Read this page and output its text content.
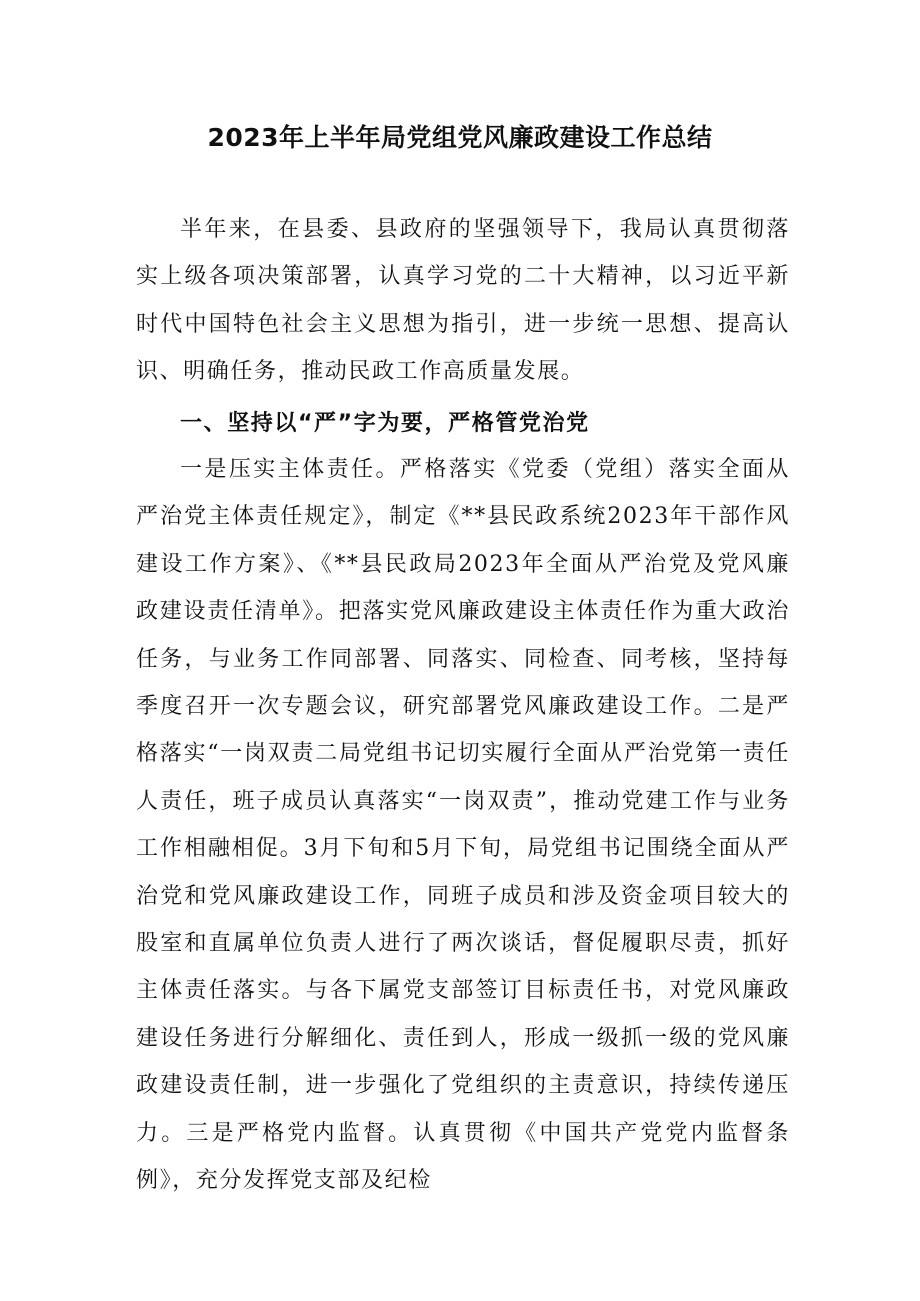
2023年上半年局党组党风廉政建设工作总结

半年来，在县委、县政府的坚强领导下，我局认真贯彻落实上级各项决策部署，认真学习党的二十大精神，以习近平新时代中国特色社会主义思想为指引，进一步统一思想、提高认识、明确任务，推动民政工作高质量发展。

一、坚持以“严”字为要，严格管党治党

一是压实主体责任。严格落实《党委（党组）落实全面从严治党主体责任规定》，制定《**县民政系统2023年干部作风建设工作方案》、《**县民政局2023年全面从严治党及党风廉政建设责任清单》。把落实党风廉政建设主体责任作为重大政治任务，与业务工作同部署、同落实、同检查、同考核，坚持每季度召开一次专题会议，研究部署党风廉政建设工作。二是严格落实“一岗双责二局党组书记切实履行全面从严治党第一责任人责任，班子成员认真落实“一岗双责”，推动党建工作与业务工作相融相促。3月下旬和5月下旬，局党组书记围绕全面从严治党和党风廉政建设工作，同班子成员和涉及资金项目较大的股室和直属单位负责人进行了两次谈话，督促履职尽责，抓好主体责任落实。与各下属党支部签订目标责任书，对党风廉政建设任务进行分解细化、责任到人，形成一级抓一级的党风廉政建设责任制，进一步强化了党组织的主责意识，持续传递压力。三是严格党内监督。认真贯彻《中国共产党党内监督条例》，充分发挥党支部及纪检
